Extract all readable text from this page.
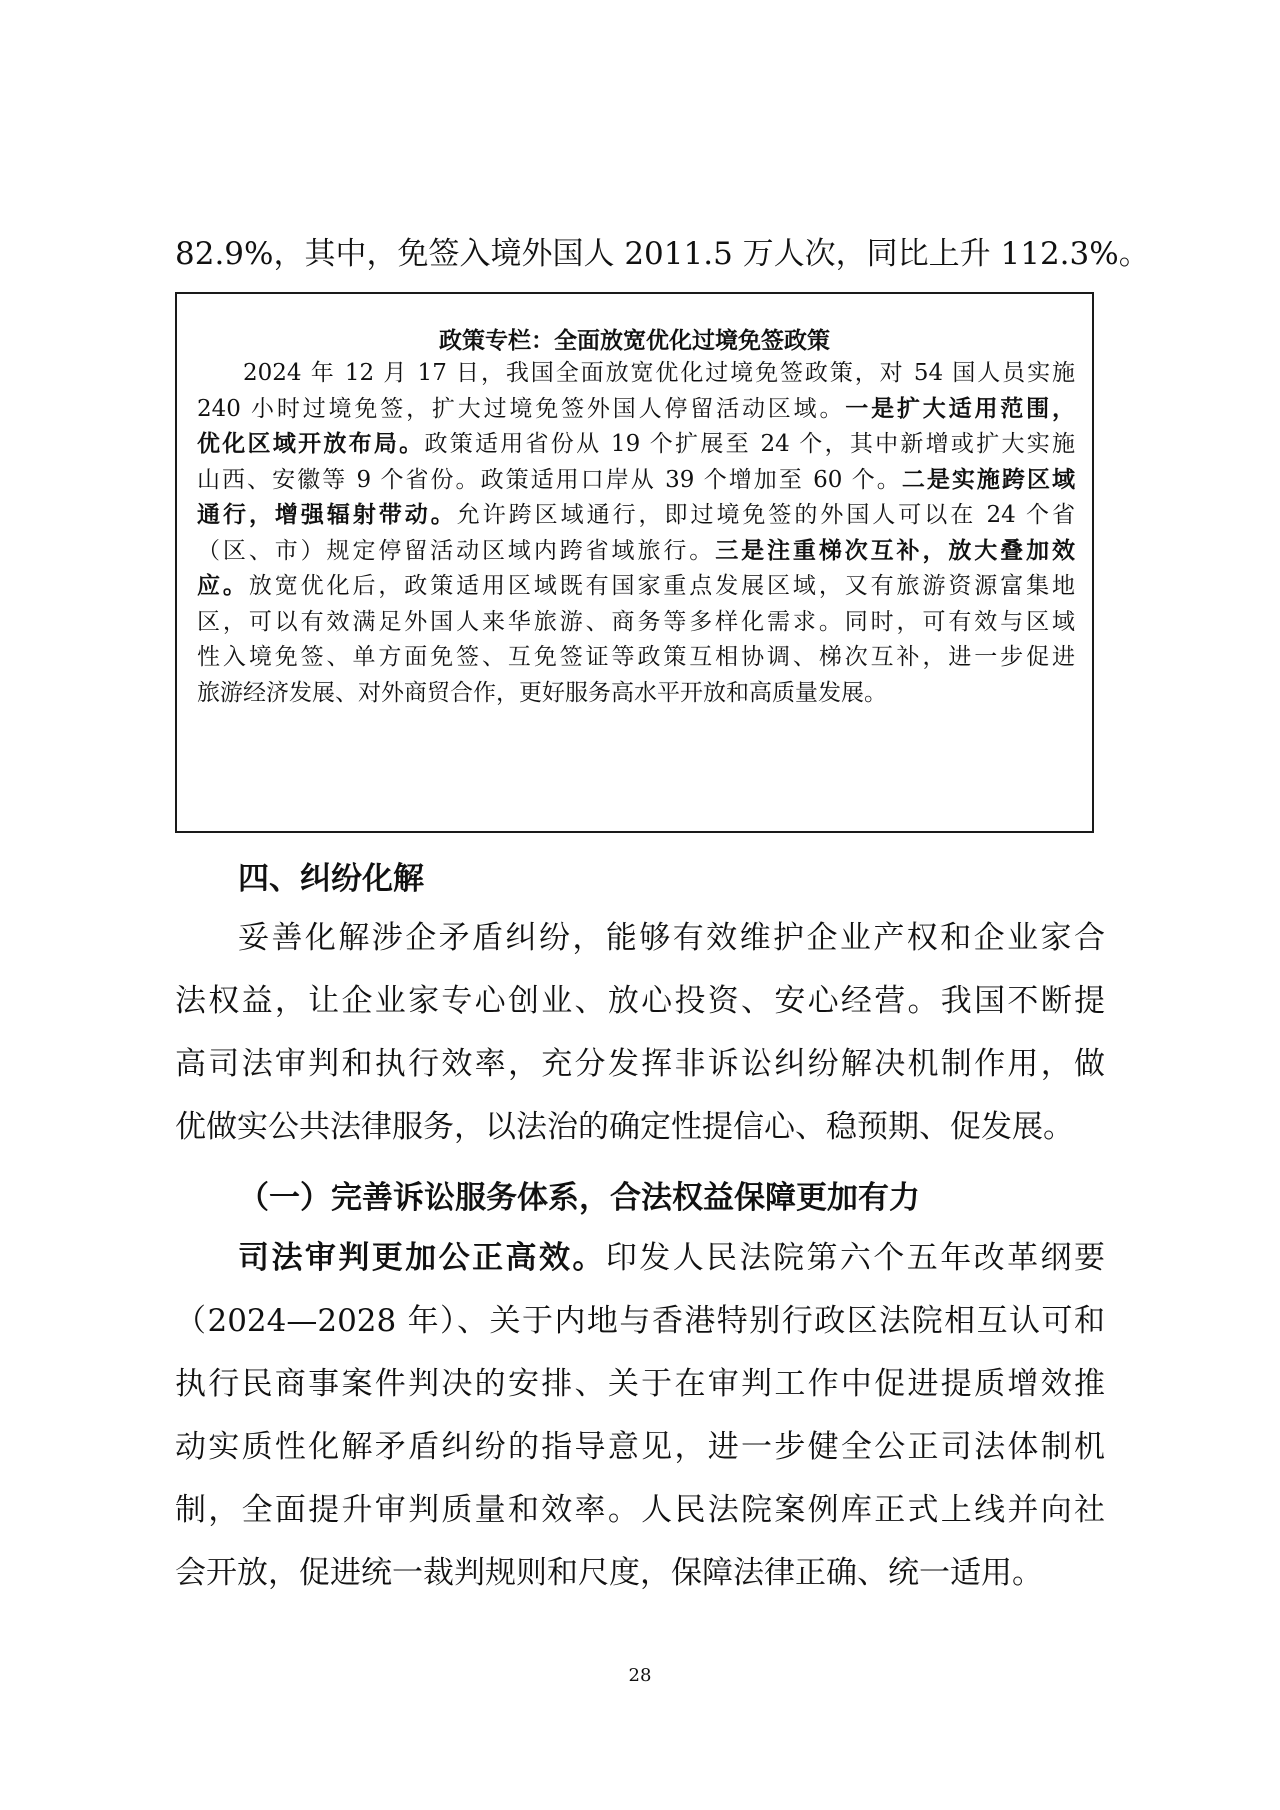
82.9%，其中，免签入境外国人 2011.5 万人次，同比上升 112.3%。
政策专栏：全面放宽优化过境免签政策
2024 年 12 月 17 日，我国全面放宽优化过境免签政策，对 54 国人员实施
240 小时过境免签，扩大过境免签外国人停留活动区域。一是扩大适用范围，
优化区域开放布局。政策适用省份从 19 个扩展至 24 个，其中新增或扩大实施
山西、安徽等 9 个省份。政策适用口岸从 39 个增加至 60 个。二是实施跨区域
通行，增强辐射带动。允许跨区域通行，即过境免签的外国人可以在 24 个省
（区、市）规定停留活动区域内跨省域旅行。三是注重梯次互补，放大叠加效
应。放宽优化后，政策适用区域既有国家重点发展区域，又有旅游资源富集地
区，可以有效满足外国人来华旅游、商务等多样化需求。同时，可有效与区域
性入境免签、单方面免签、互免签证等政策互相协调、梯次互补，进一步促进
旅游经济发展、对外商贸合作，更好服务高水平开放和高质量发展。
四、纠纷化解
妥善化解涉企矛盾纠纷，能够有效维护企业产权和企业家合
法权益，让企业家专心创业、放心投资、安心经营。我国不断提
高司法审判和执行效率，充分发挥非诉讼纠纷解决机制作用，做
优做实公共法律服务，以法治的确定性提信心、稳预期、促发展。
（一）完善诉讼服务体系，合法权益保障更加有力
司法审判更加公正高效。印发人民法院第六个五年改革纲要
（2024—2028 年）、关于内地与香港特别行政区法院相互认可和
执行民商事案件判决的安排、关于在审判工作中促进提质增效推
动实质性化解矛盾纠纷的指导意见，进一步健全公正司法体制机
制，全面提升审判质量和效率。人民法院案例库正式上线并向社
会开放，促进统一裁判规则和尺度，保障法律正确、统一适用。
28
